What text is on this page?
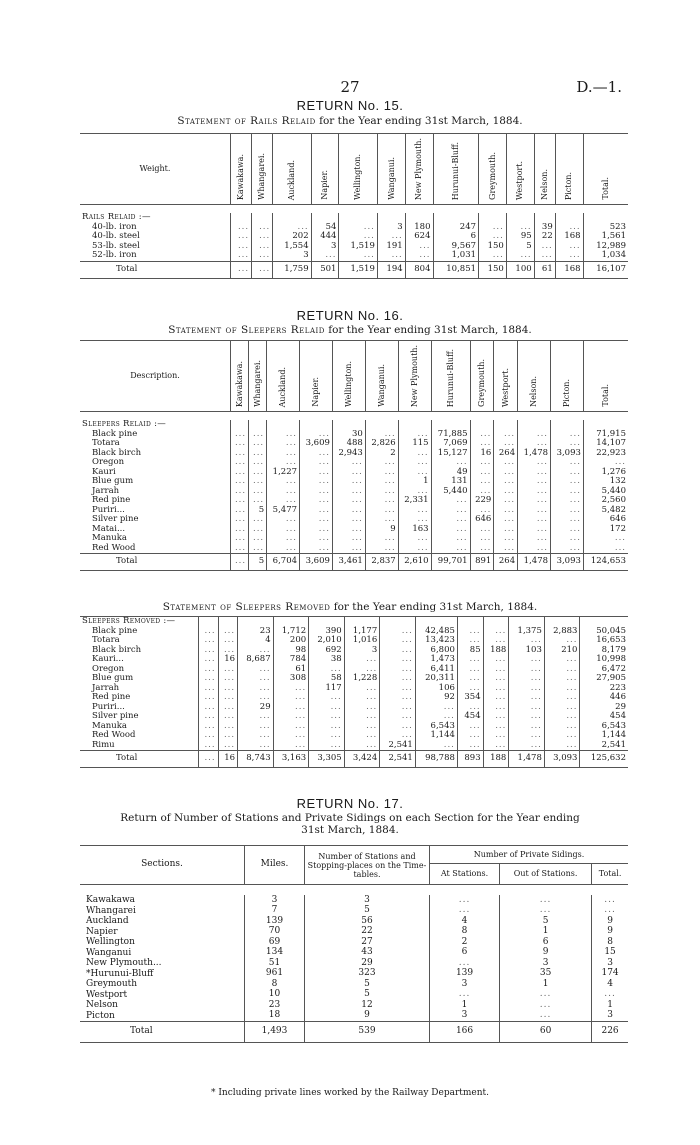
27	D.—1.
RETURN No. 15.
Statement of Rails Relaid for the Year ending 31st March, 1884.
Weight.	Kawakawa.	Whangarei.	Auckland.	Napier.	Wellington.	Wanganui.	New Plymouth.	Hurunui-Bluff.	Greymouth.	Westport.	Nelson.	Picton.	Total.

Rails Relaid :—													
40-lb. iron	...	...	...	54	...	3	180	247	...	...	39	...	523
40-lb. steel	...	...	202	444	...	...	624	6	...	95	22	168	1,561
53-lb. steel	...	...	1,554	3	1,519	191	...	9,567	150	5	...	...	12,989
52-lb. iron	...	...	3	...	...	...	...	1,031	...	...	...	...	1,034
Total	...	...	1,759	501	1,519	194	804	10,851	150	100	61	168	16,107
RETURN No. 16.
Statement of Sleepers Relaid for the Year ending 31st March, 1884.
Description.	Kawakawa.	Whangarei.	Auckland.	Napier.	Wellington.	Wanganui.	New Plymouth.	Hurunui-Bluff.	Greymouth.	Westport.	Nelson.	Picton.	Total.

Sleepers Relaid :—													
Black pine	...	...	...	...	30	...	...	71,885	...	...	...	...	71,915
Totara	...	...	...	3,609	488	2,826	115	7,069	...	...	...	...	14,107
Black birch	...	...	...	...	2,943	2	...	15,127	16	264	1,478	3,093	22,923
Oregon	...	...	...	...	...	...	...	...	...	...	...	...	...
Kauri	...	...	1,227	...	...	...	...	49	...	...	...	...	1,276
Blue gum	...	...	...	...	...	...	1	131	...	...	...	...	132
Jarrah	...	...	...	...	...	...	...	5,440	...	...	...	...	5,440
Red pine	...	...	...	...	...	...	2,331	...	229	...	...	...	2,560
Puriri...	...	5	5,477	...	...	...	...	...	...	...	...	...	5,482
Silver pine	...	...	...	...	...	...	...	...	646	...	...	...	646
Matai...	...	...	...	...	...	9	163	...	...	...	...	...	172
Manuka	...	...	...	...	...	...	...	...	...	...	...	...	...
Red Wood	...	...	...	...	...	...	...	...	...	...	...	...	...
Total	...	5	6,704	3,609	3,461	2,837	2,610	99,701	891	264	1,478	3,093	124,653
Statement of Sleepers Removed for the Year ending 31st March, 1884.
Sleepers Removed :—													
Black pine	...	...	23	1,712	390	1,177	...	42,485	...	...	1,375	2,883	50,045
Totara	...	...	4	200	2,010	1,016	...	13,423	...	...	...	...	16,653
Black birch	...	...	...	98	692	3	...	6,800	85	188	103	210	8,179
Kauri...	...	16	8,687	784	38	...	...	1,473	...	...	...	...	10,998
Oregon	...	...	...	61	...	...	...	6,411	...	...	...	...	6,472
Blue gum	...	...	...	308	58	1,228	...	20,311	...	...	...	...	27,905
Jarrah	...	...	...	...	117	...	...	106	...	...	...	...	223
Red pine	...	...	...	...	...	...	...	92	354	...	...	...	446
Puriri...	...	...	29	...	...	...	...	...	...	...	...	...	29
Silver pine	...	...	...	...	...	...	...	...	454	...	...	...	454
Manuka	...	...	...	...	...	...	...	6,543	...	...	...	...	6,543
Red Wood	...	...	...	...	...	...	...	1,144	...	...	...	...	1,144
Rimu	...	...	...	...	...	...	2,541	...	...	...	...	...	2,541
Total	...	16	8,743	3,163	3,305	3,424	2,541	98,788	893	188	1,478	3,093	125,632
RETURN No. 17.
Return of Number of Stations and Private Sidings on each Section for the Year ending
31st March, 1884.
Sections.	Miles.	Number of Stations and Stopping-places on the Time-tables.	Number of Private Sidings.		
			At Stations.	Out of Stations.	Total.

Kawakawa	3	3	...	...	...
Whangarei	7	5	...	...	...
Auckland	139	56	4	5	9
Napier	70	22	8	1	9
Wellington	69	27	2	6	8
Wanganui	134	43	6	9	15
New Plymouth...	51	29	...	3	3
*Hurunui-Bluff	961	323	139	35	174
Greymouth	8	5	3	1	4
Westport	10	5	...	...	...
Nelson	23	12	1	...	1
Picton	18	9	3	...	3
Total	1,493	539	166	60	226
* Including private lines worked by the Railway Department.
